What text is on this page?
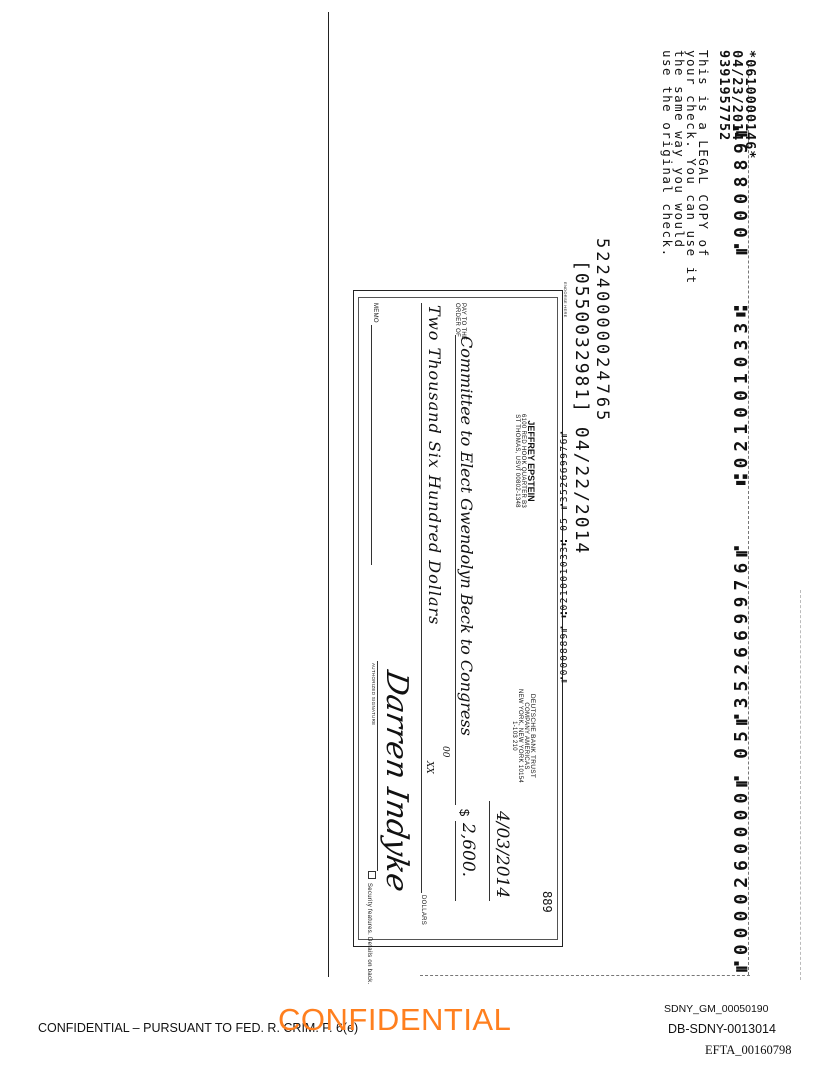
*0610000146*
04/23/2014
9391957752
This is a LEGAL COPY of
your check. You can use it
the same way you would
use the original check.
52240000024765
[0550032981] 04/22/2014
ENDORSE HERE
JEFFREY EPSTEIN
6100 RED HOOK QUARTER B3
ST THOMAS, USVI 00802-1348
DEUTSCHE BANK TRUST
COMPANY AMERICAS
NEW YORK, NEW YORK 10154
1-103 210
889
4/03/2014
PAY TO THE
ORDER OF
Committee to Elect Gwendolyn Beck to Congress
$
2,600.
Two Thousand Six Hundred Dollars
00
XX
DOLLARS
MEMO
Darren Indyke
AUTHORIZED SIGNATURE
Security features. Details on back.
⑈000889⑈ ⑆021001033⑆ 05 ⑈352669976⑈
⑈000889⑈
⑆021001033⑆
05⑈352669976⑈
⑈0000260000⑈
SDNY_GM_00050190
CONFIDENTIAL – PURSUANT TO FED. R. CRIM. P. 6(e)
CONFIDENTIAL	DB-SDNY-0013014
EFTA_00160798
